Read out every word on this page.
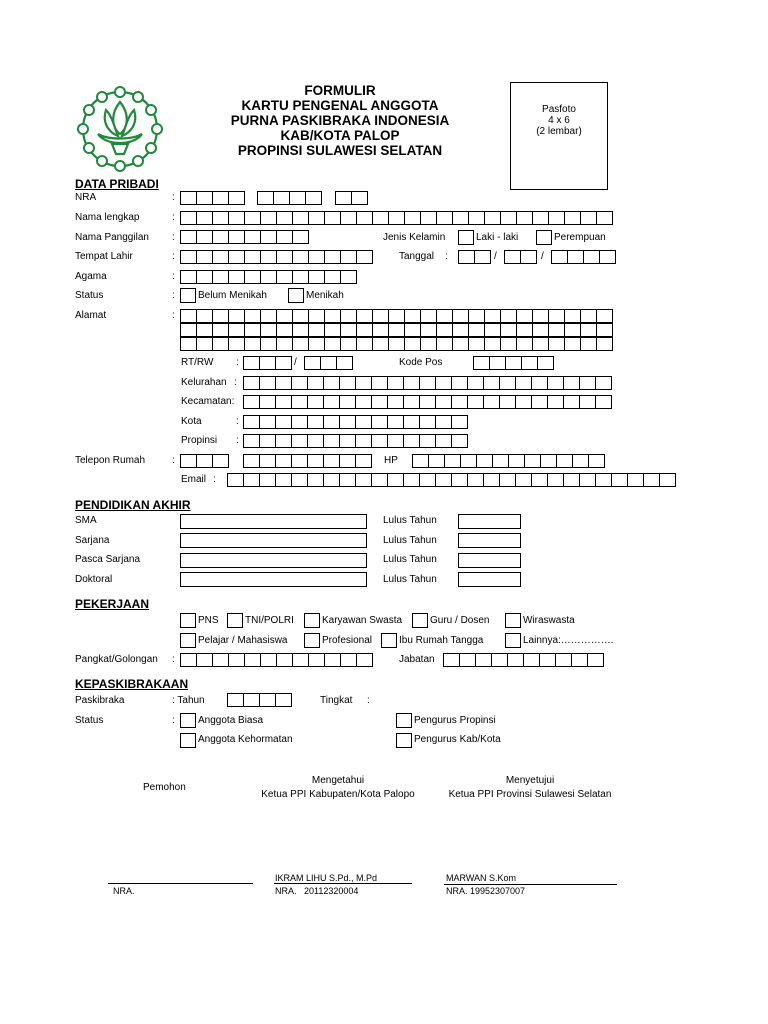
FORMULIR
KARTU PENGENAL ANGGOTA
PURNA PASKIBRAKA INDONESIA
KAB/KOTA PALOP
PROPINSI SULAWESI SELATAN
Pasfoto
4 x 6
(2 lembar)
DATA PRIBADI
NRA	:
Nama lengkap	:
Nama Panggilan :	Jenis Kelamin	Laki - laki	Perempuan
Tempat Lahir	:	Tanggal :	/	/
Agama	:
Status	: Belum Menikah	Menikah
Alamat	:
RT/RW :	/	Kode Pos
Kelurahan :
Kecamatan:
Kota	:
Propinsi :
Telepon Rumah	:	HP
Email :
PENDIDIKAN AKHIR
SMA	Lulus Tahun
Sarjana	Lulus Tahun
Pasca Sarjana	Lulus Tahun
Doktoral	Lulus Tahun
PEKERJAAN
PNS	TNI/POLRI	Karyawan Swasta	Guru / Dosen	Wiraswasta
Pelajar / Mahasiswa	Profesional	Ibu Rumah Tangga	Lainnya:…………….
Pangkat/Golongan :	Jabatan
KEPASKIBRAKAAN
Paskibraka	: Tahun	Tingkat :
Status	: Anggota Biasa	Pengurus Propinsi
Anggota Kehormatan	Pengurus Kab/Kota
Pemohon
Mengetahui
Ketua PPI Kabupaten/Kota Palopo
Menyetujui
Ketua PPI Provinsi Sulawesi Selatan
IKRAM LIHU S.Pd., M.Pd	MARWAN S.Kom
NRA.	NRA.   20112320004	NRA. 19952307007
